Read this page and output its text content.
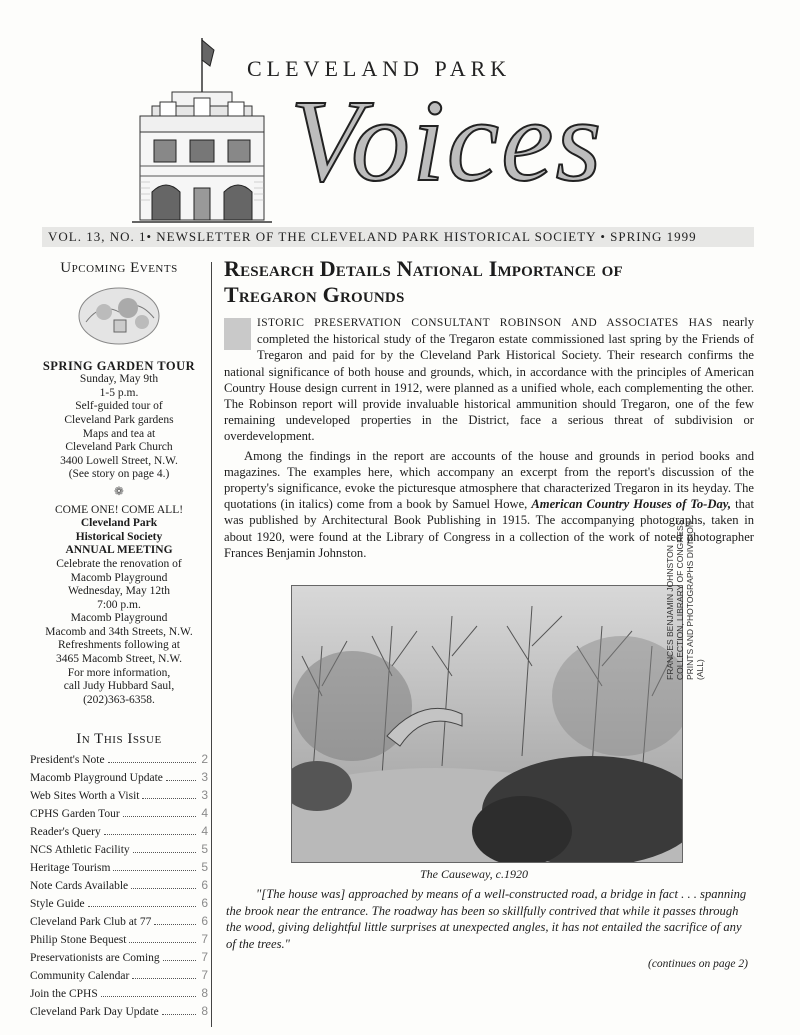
CLEVELAND PARK
Voices
VOL. 13, NO. 1• NEWSLETTER OF THE CLEVELAND PARK HISTORICAL SOCIETY • SPRING 1999
Upcoming Events
SPRING GARDEN TOUR
Sunday, May 9th
1-5 p.m.
Self-guided tour of
Cleveland Park gardens
Maps and tea at
Cleveland Park Church
3400 Lowell Street, N.W.
(See story on page 4.)
❁
COME ONE! COME ALL!
Cleveland Park
Historical Society
ANNUAL MEETING
Celebrate the renovation of
Macomb Playground
Wednesday, May 12th
7:00 p.m.
Macomb Playground
Macomb and 34th Streets, N.W.
Refreshments following at
3465 Macomb Street, N.W.
For more information,
call Judy Hubbard Saul,
(202)363-6358.
In This Issue
President's Note	2
Macomb Playground Update	3
Web Sites Worth a Visit	3
CPHS Garden Tour	4
Reader's Query	4
NCS Athletic Facility	5
Heritage Tourism	5
Note Cards Available	6
Style Guide	6
Cleveland Park Club at 77	6
Philip Stone Bequest	7
Preservationists are Coming	7
Community Calendar	7
Join the CPHS	8
Cleveland Park Day Update	8
Research Details National Importance of
Tregaron Grounds

ISTORIC PRESERVATION CONSULTANT ROBINSON AND ASSOCIATES HAS nearly completed the historical study of the Tregaron estate commissioned last spring by the Friends of Tregaron and paid for by the Cleveland Park Historical Society. Their research confirms the national significance of both house and grounds, which, in accordance with the principles of American Country House design current in 1912, were planned as a unified whole, each complementing the other. The Robinson report will provide invaluable historical ammunition should Tregaron, one of the few remaining undeveloped properties in the District, face a serious threat of subdivision or overdevelopment.

Among the findings in the report are accounts of the house and grounds in period books and magazines. The examples here, which accompany an excerpt from the report's discussion of the property's significance, evoke the picturesque atmosphere that characterized Tregaron in its heyday. The quotations (in italics) come from a book by Samuel Howe, American Country Houses of To-Day, that was published by Architectural Book Publishing in 1915. The accompanying photographs, taken in about 1920, were found at the Library of Congress in a collection of the work of noted photographer Frances Benjamin Johnston.	FRANCES BENJAMIN JOHNSTON COLLECTION, LIBRARY OF CONGRESS, PRINTS AND PHOTOGRAPHS DIVISION (ALL)
The Causeway, c.1920
"[The house was] approached by means of a well-constructed road, a bridge in fact . . . spanning the brook near the entrance. The roadway has been so skillfully contrived that while it passes through the wood, giving delightful little surprises at unexpected angles, it has not entailed the sacrifice of any of the trees."
(continues on page 2)
